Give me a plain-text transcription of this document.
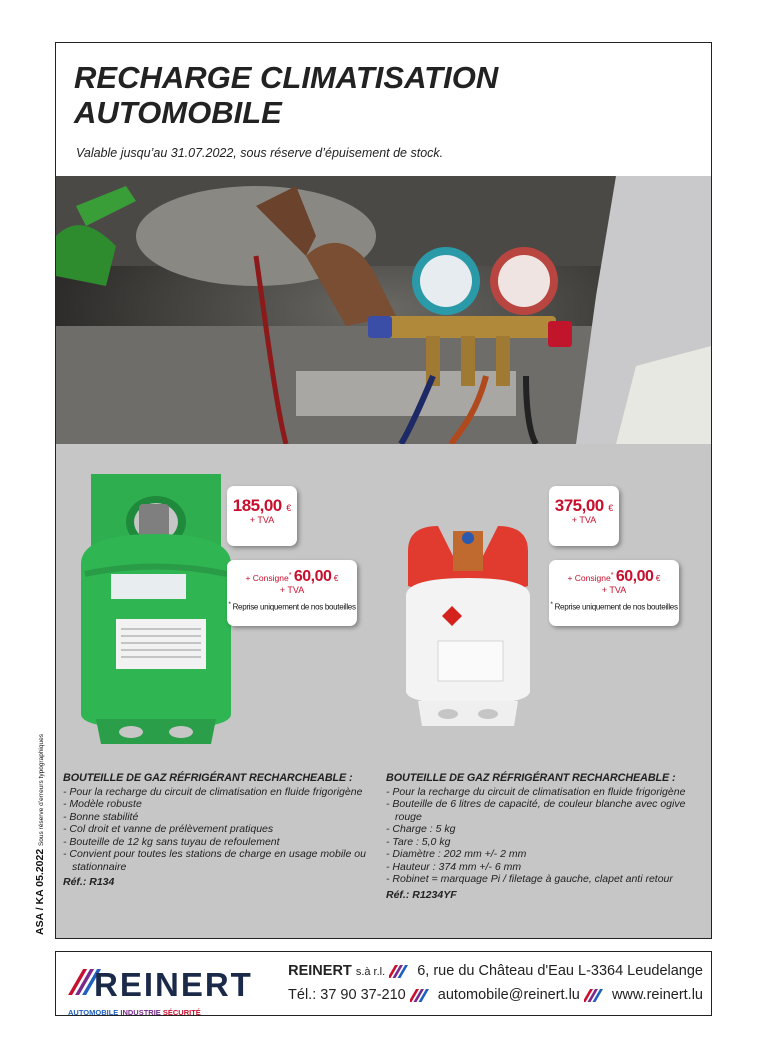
RECHARGE CLIMATISATION
AUTOMOBILE
Valable jusqu’au 31.07.2022, sous réserve d’épuisement de stock.
185,00 €
+ TVA
+ Consigne* 60,00 €
+ TVA
* Reprise uniquement de nos bouteilles
375,00 €
+ TVA
+ Consigne* 60,00 €
+ TVA
* Reprise uniquement de nos bouteilles
BOUTEILLE DE GAZ RÉFRIGÉRANT RECHARCHEABLE :
- Pour la recharge du circuit de climatisation en fluide frigorigène
- Modèle robuste
- Bonne stabilité
- Col droit et vanne de prélèvement pratiques
- Bouteille de 12 kg sans tuyau de refoulement
- Convient pour toutes les stations de charge en usage mobile ou stationnaire
Réf.: R134
BOUTEILLE DE GAZ RÉFRIGÉRANT RECHARCHEABLE :
- Pour la recharge du circuit de climatisation en fluide frigorigène
- Bouteille de 6 litres de capacité, de couleur blanche avec ogive rouge
- Charge : 5 kg
- Tare : 5,0 kg
- Diamètre : 202 mm +/- 2 mm
- Hauteur : 374 mm +/- 6 mm
- Robinet = marquage Pi / filetage à gauche, clapet anti retour
Réf.: R1234YF
ASA / KA 05.2022 Sous réserve d’erreurs typographiques
REINERT
AUTOMOBILE INDUSTRIE SÉCURITÉ
REINERT s.à r.l. 6, rue du Château d'Eau L-3364 Leudelange
Tél.: 37 90 37-210 automobile@reinert.lu www.reinert.lu
